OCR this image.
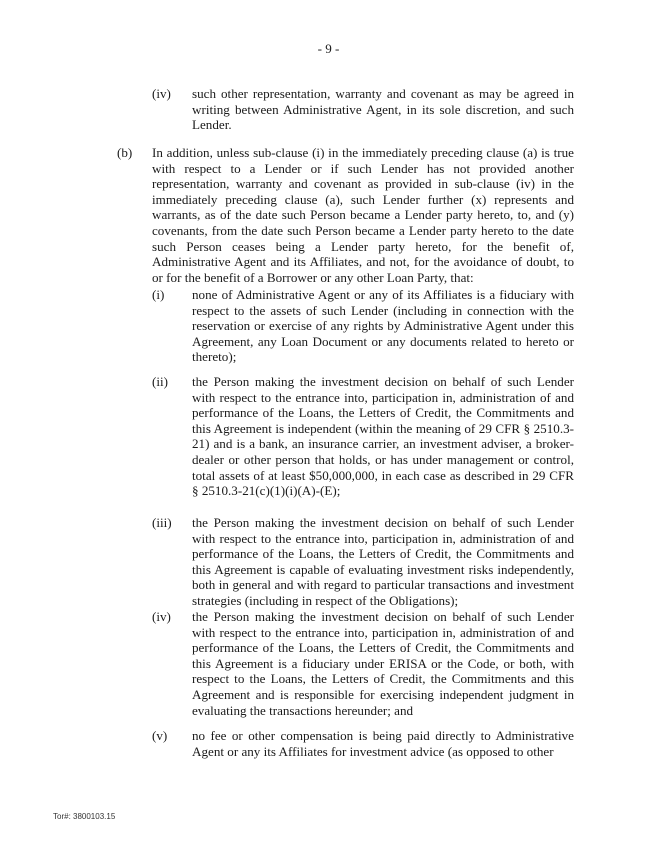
- 9 -
(iv) such other representation, warranty and covenant as may be agreed in writing between Administrative Agent, in its sole discretion, and such Lender.
(b) In addition, unless sub-clause (i) in the immediately preceding clause (a) is true with respect to a Lender or if such Lender has not provided another representation, warranty and covenant as provided in sub-clause (iv) in the immediately preceding clause (a), such Lender further (x) represents and warrants, as of the date such Person became a Lender party hereto, to, and (y) covenants, from the date such Person became a Lender party hereto to the date such Person ceases being a Lender party hereto, for the benefit of, Administrative Agent and its Affiliates, and not, for the avoidance of doubt, to or for the benefit of a Borrower or any other Loan Party, that:
(i) none of Administrative Agent or any of its Affiliates is a fiduciary with respect to the assets of such Lender (including in connection with the reservation or exercise of any rights by Administrative Agent under this Agreement, any Loan Document or any documents related to hereto or thereto);
(ii) the Person making the investment decision on behalf of such Lender with respect to the entrance into, participation in, administration of and performance of the Loans, the Letters of Credit, the Commitments and this Agreement is independent (within the meaning of 29 CFR § 2510.3-21) and is a bank, an insurance carrier, an investment adviser, a broker-dealer or other person that holds, or has under management or control, total assets of at least $50,000,000, in each case as described in 29 CFR § 2510.3-21(c)(1)(i)(A)-(E);
(iii) the Person making the investment decision on behalf of such Lender with respect to the entrance into, participation in, administration of and performance of the Loans, the Letters of Credit, the Commitments and this Agreement is capable of evaluating investment risks independently, both in general and with regard to particular transactions and investment strategies (including in respect of the Obligations);
(iv) the Person making the investment decision on behalf of such Lender with respect to the entrance into, participation in, administration of and performance of the Loans, the Letters of Credit, the Commitments and this Agreement is a fiduciary under ERISA or the Code, or both, with respect to the Loans, the Letters of Credit, the Commitments and this Agreement and is responsible for exercising independent judgment in evaluating the transactions hereunder; and
(v) no fee or other compensation is being paid directly to Administrative Agent or any its Affiliates for investment advice (as opposed to other
Tor#: 3800103.15
